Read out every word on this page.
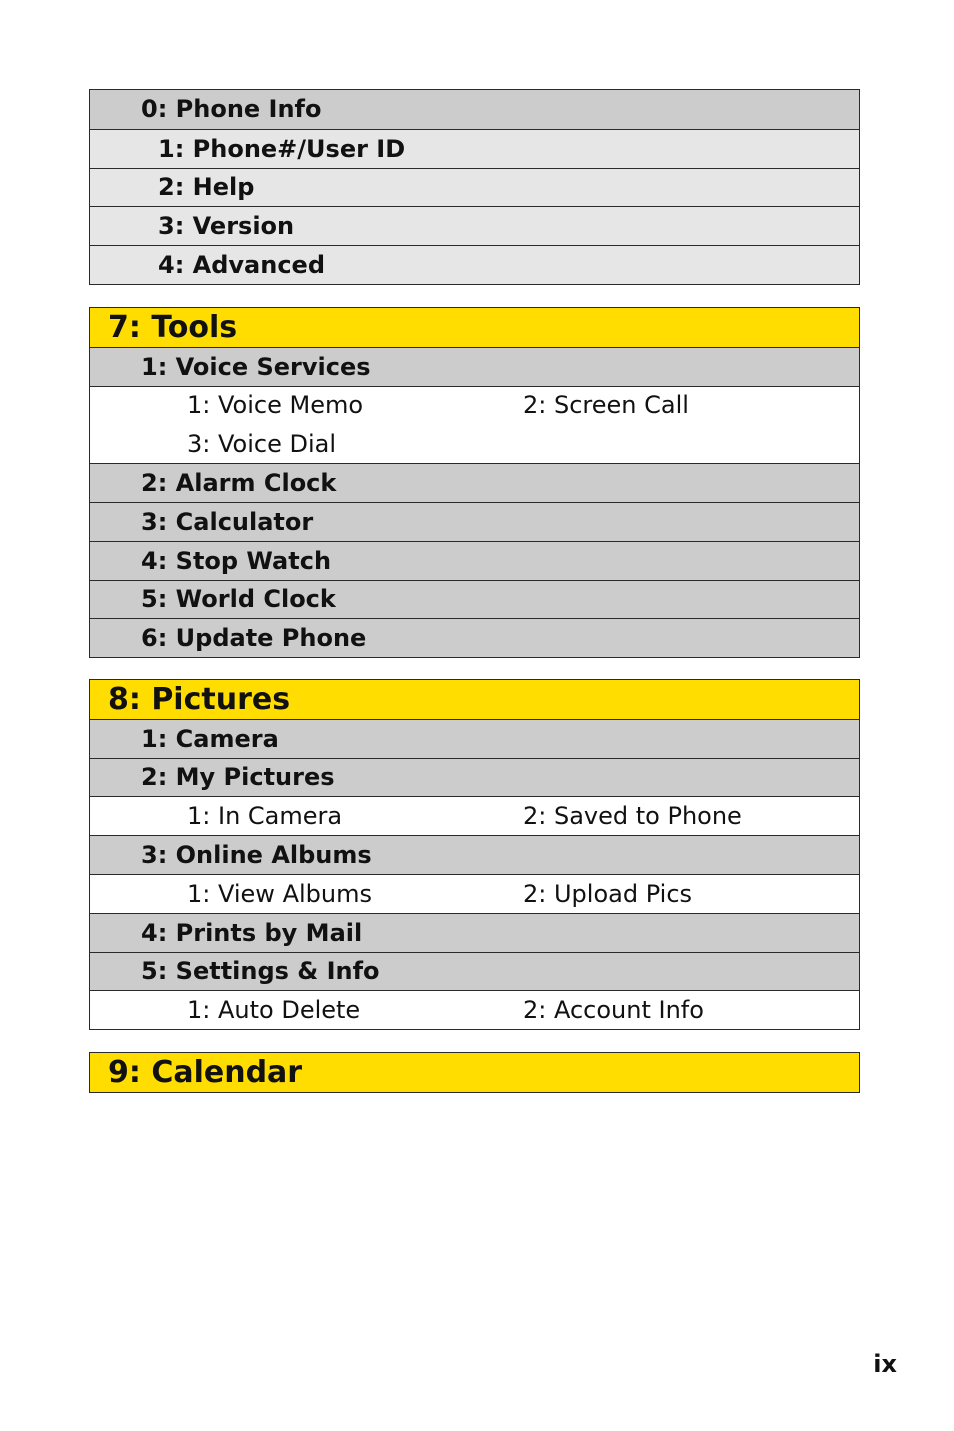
0: Phone Info
1: Phone#/User ID
2: Help
3: Version
4: Advanced
7: Tools
1: Voice Services
1: Voice Memo	2: Screen Call
3: Voice Dial
2: Alarm Clock
3: Calculator
4: Stop Watch
5: World Clock
6: Update Phone
8: Pictures
1: Camera
2: My Pictures
1: In Camera	2: Saved to Phone
3: Online Albums
1: View Albums	2: Upload Pics
4: Prints by Mail
5: Settings & Info
1: Auto Delete	2: Account Info
9: Calendar
ix
